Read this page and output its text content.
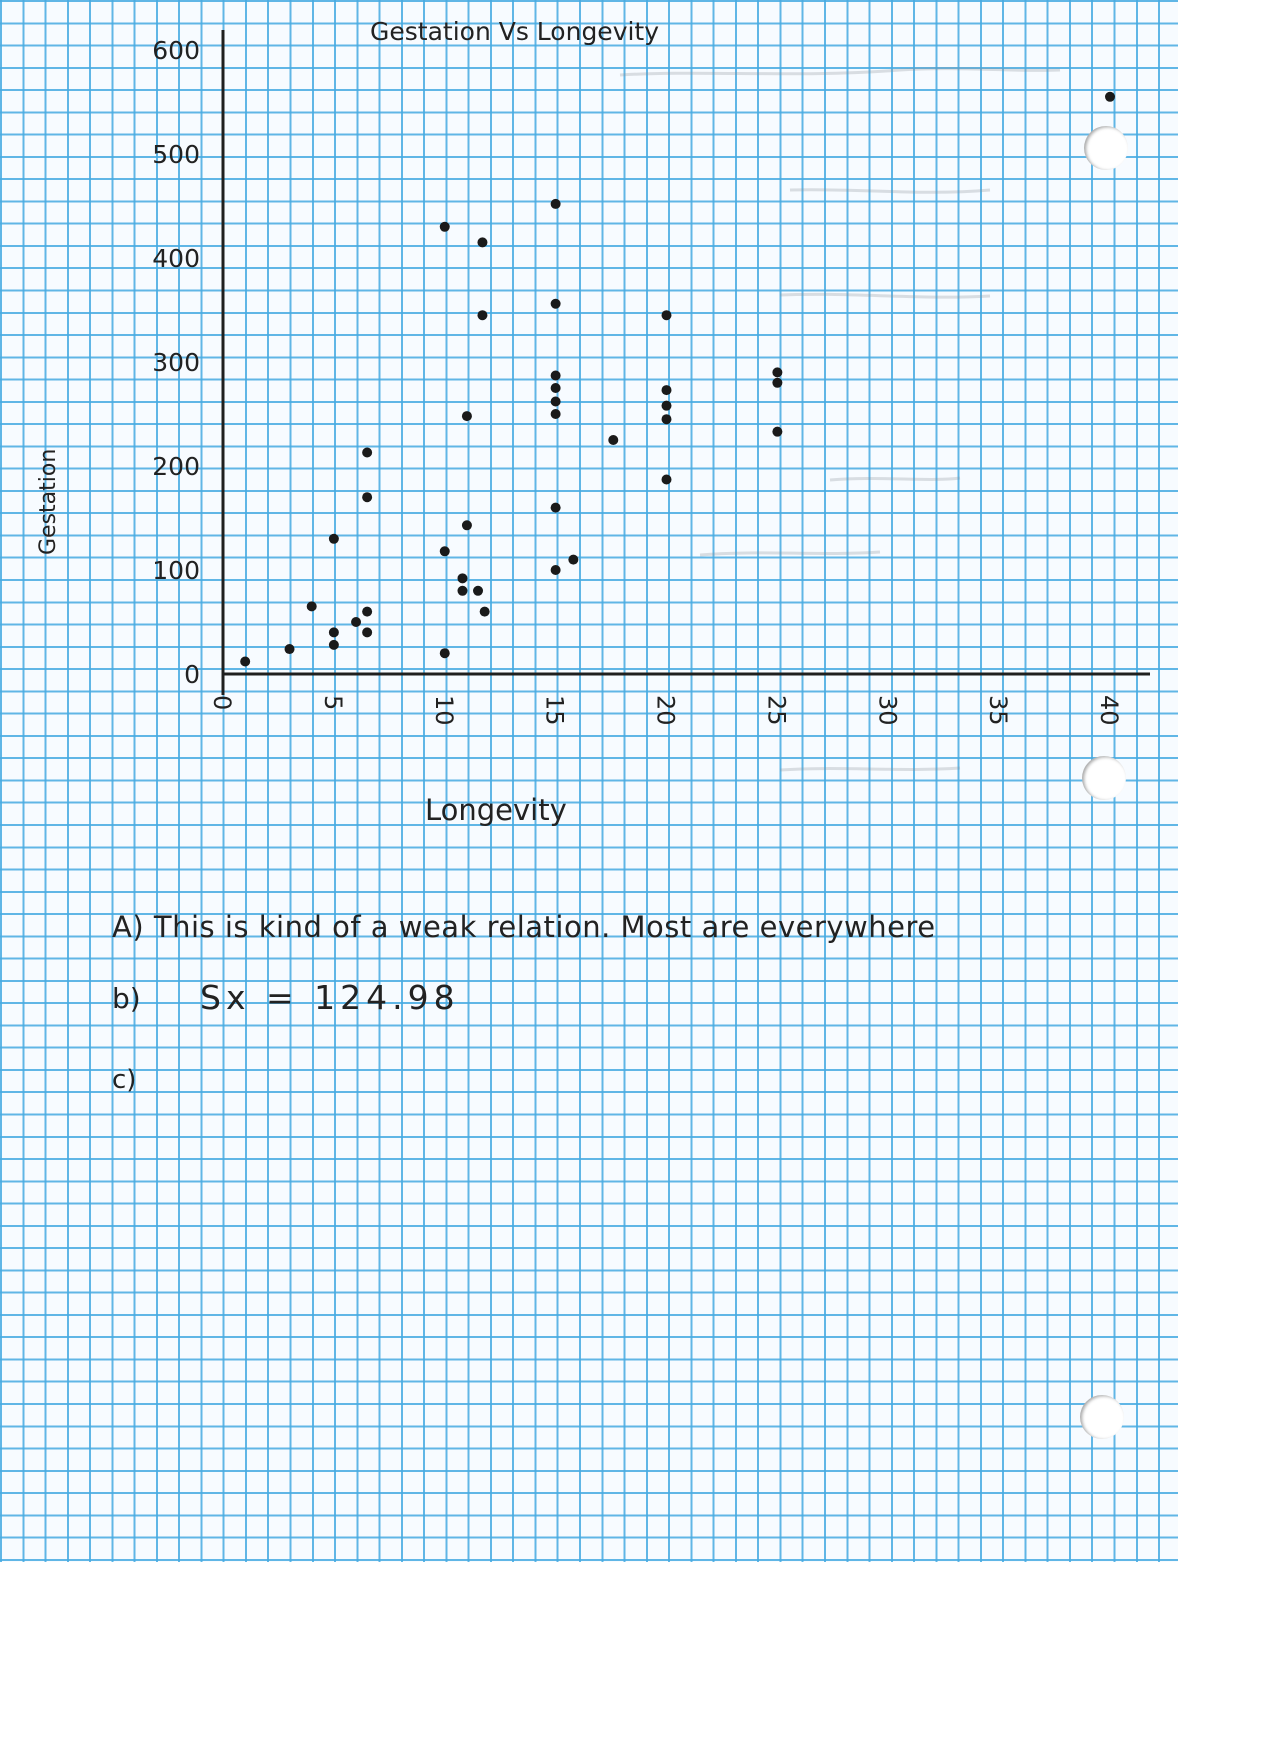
0
100
200
300
400
500
600
0	5	10	15	20	25	30	35	40
Gestation Vs Longevity
Longevity
Gestation
A) This is kind of a weak relation. Most are everywhere
b) Sx = 124.98
c)
